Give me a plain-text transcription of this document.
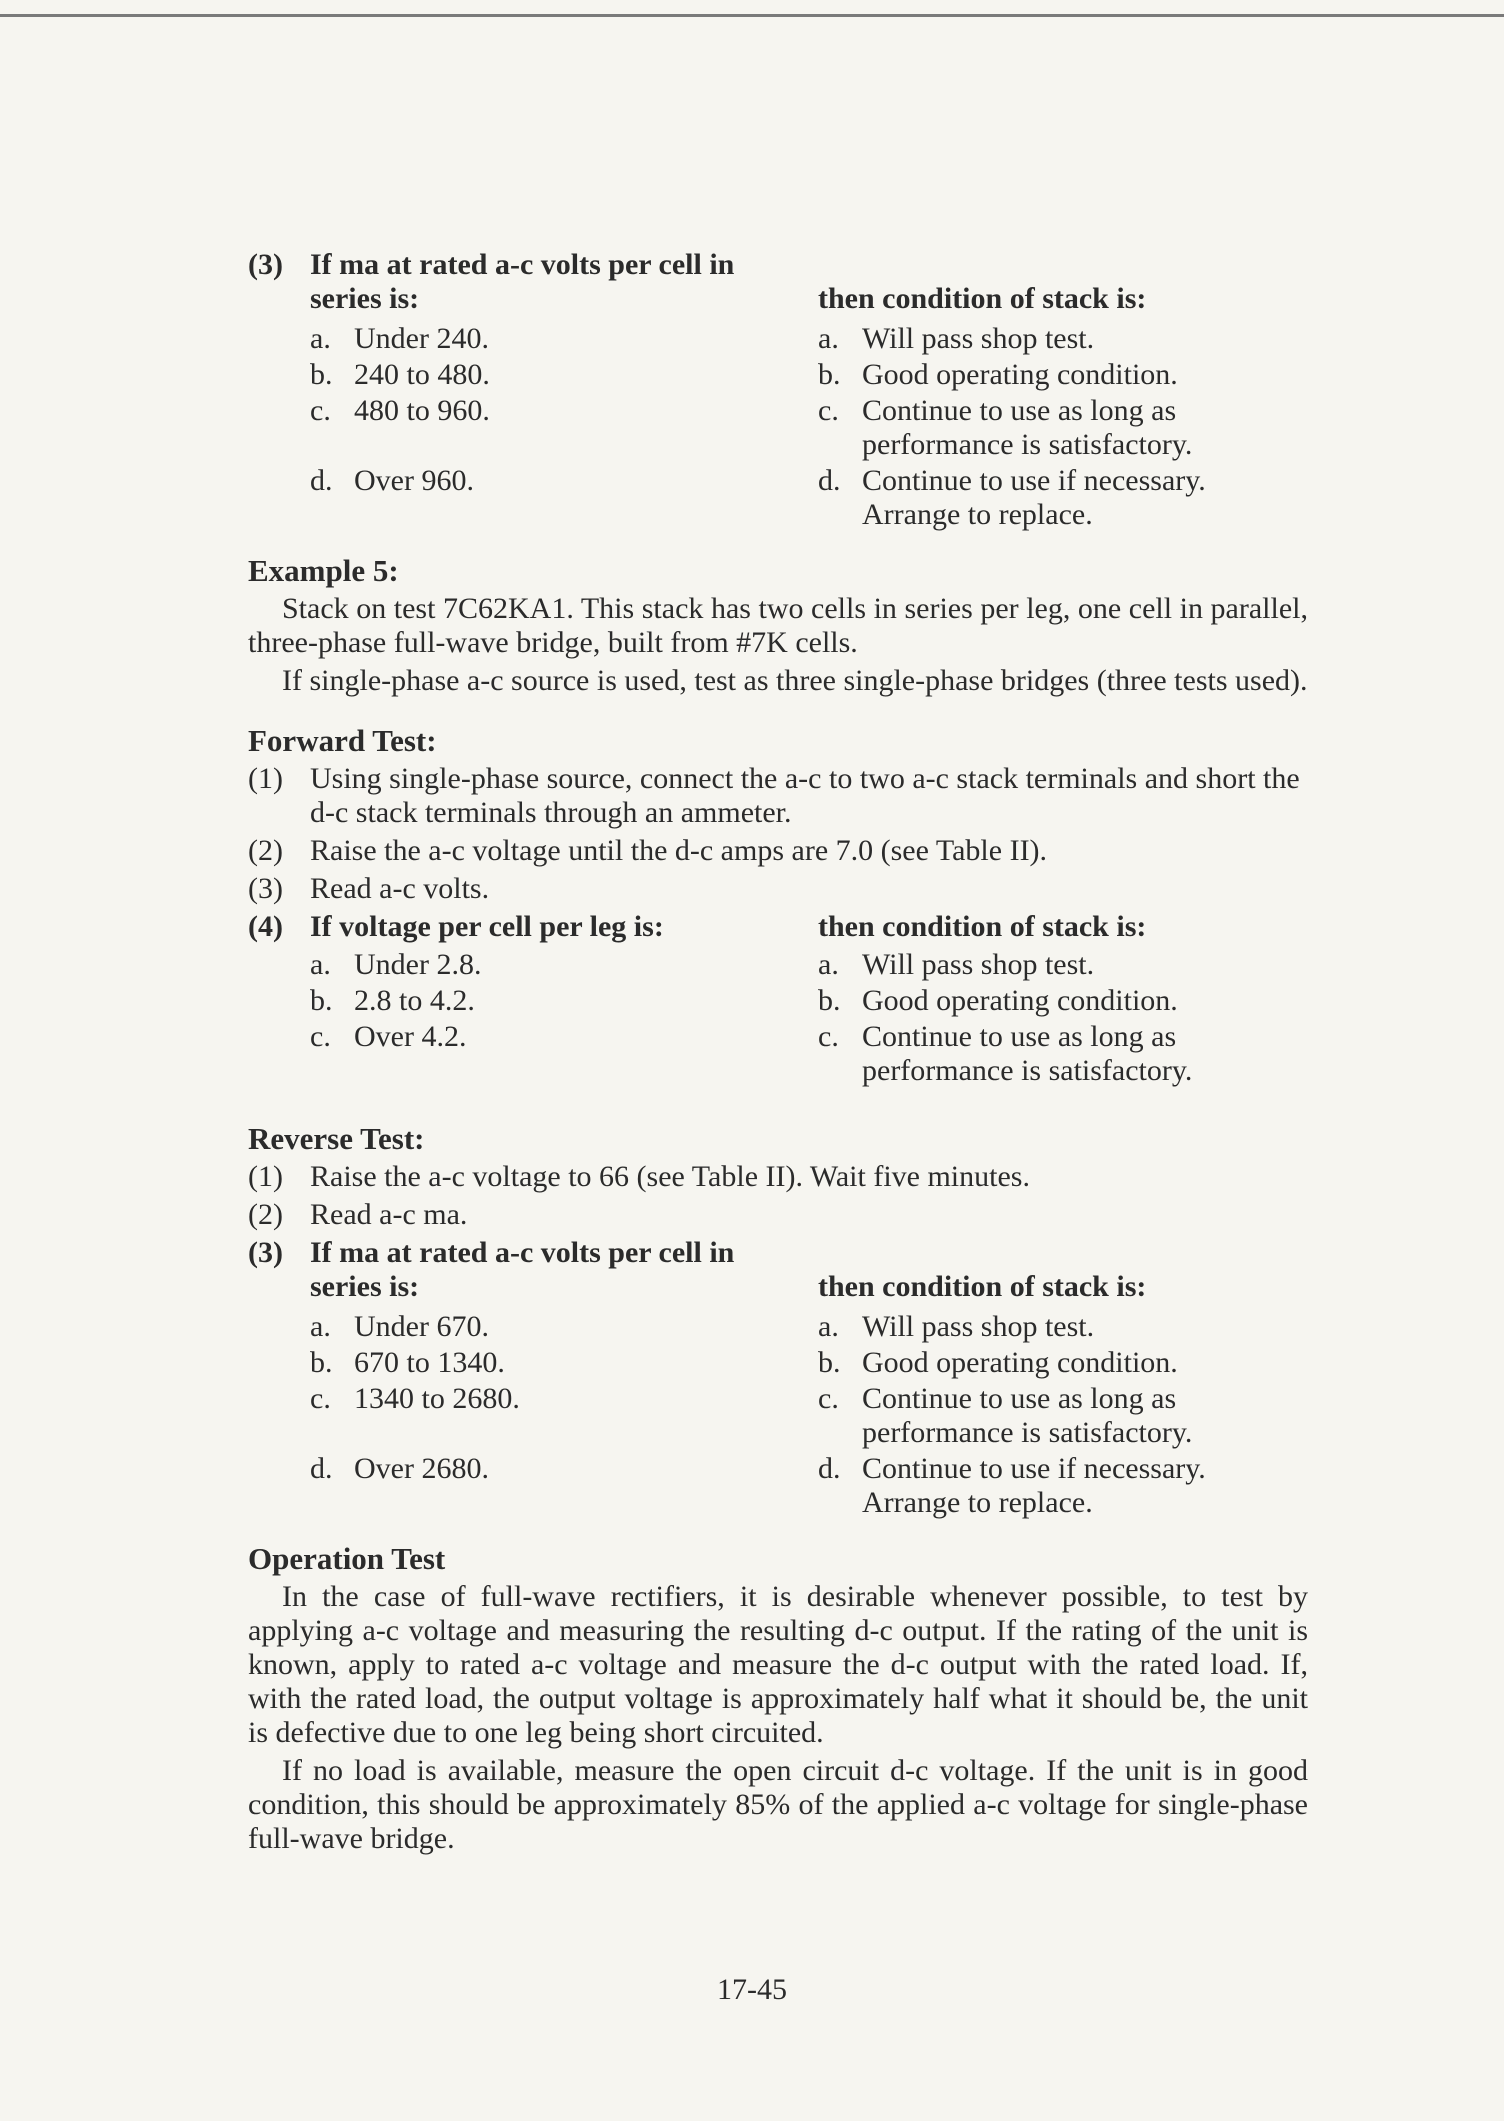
(3) If ma at rated a-c volts per cell in series is:	then condition of stack is:
a. Under 240.	a. Will pass shop test.
b. 240 to 480.	b. Good operating condition.
c. 480 to 960.	c. Continue to use as long as performance is satisfactory.
d. Over 960.	d. Continue to use if necessary. Arrange to replace.
Example 5:
Stack on test 7C62KA1. This stack has two cells in series per leg, one cell in parallel, three-phase full-wave bridge, built from #7K cells.
If single-phase a-c source is used, test as three single-phase bridges (three tests used).
Forward Test:
(1) Using single-phase source, connect the a-c to two a-c stack terminals and short the d-c stack terminals through an ammeter.
(2) Raise the a-c voltage until the d-c amps are 7.0 (see Table II).
(3) Read a-c volts.
(4) If voltage per cell per leg is:	then condition of stack is:
a. Under 2.8.	a. Will pass shop test.
b. 2.8 to 4.2.	b. Good operating condition.
c. Over 4.2.	c. Continue to use as long as performance is satisfactory.
Reverse Test:
(1) Raise the a-c voltage to 66 (see Table II). Wait five minutes.
(2) Read a-c ma.
(3) If ma at rated a-c volts per cell in series is:	then condition of stack is:
a. Under 670.	a. Will pass shop test.
b. 670 to 1340.	b. Good operating condition.
c. 1340 to 2680.	c. Continue to use as long as performance is satisfactory.
d. Over 2680.	d. Continue to use if necessary. Arrange to replace.
Operation Test
In the case of full-wave rectifiers, it is desirable whenever possible, to test by applying a-c voltage and measuring the resulting d-c output. If the rating of the unit is known, apply to rated a-c voltage and measure the d-c output with the rated load. If, with the rated load, the output voltage is approximately half what it should be, the unit is defective due to one leg being short circuited.
If no load is available, measure the open circuit d-c voltage. If the unit is in good condition, this should be approximately 85% of the applied a-c voltage for single-phase full-wave bridge.
17-45
